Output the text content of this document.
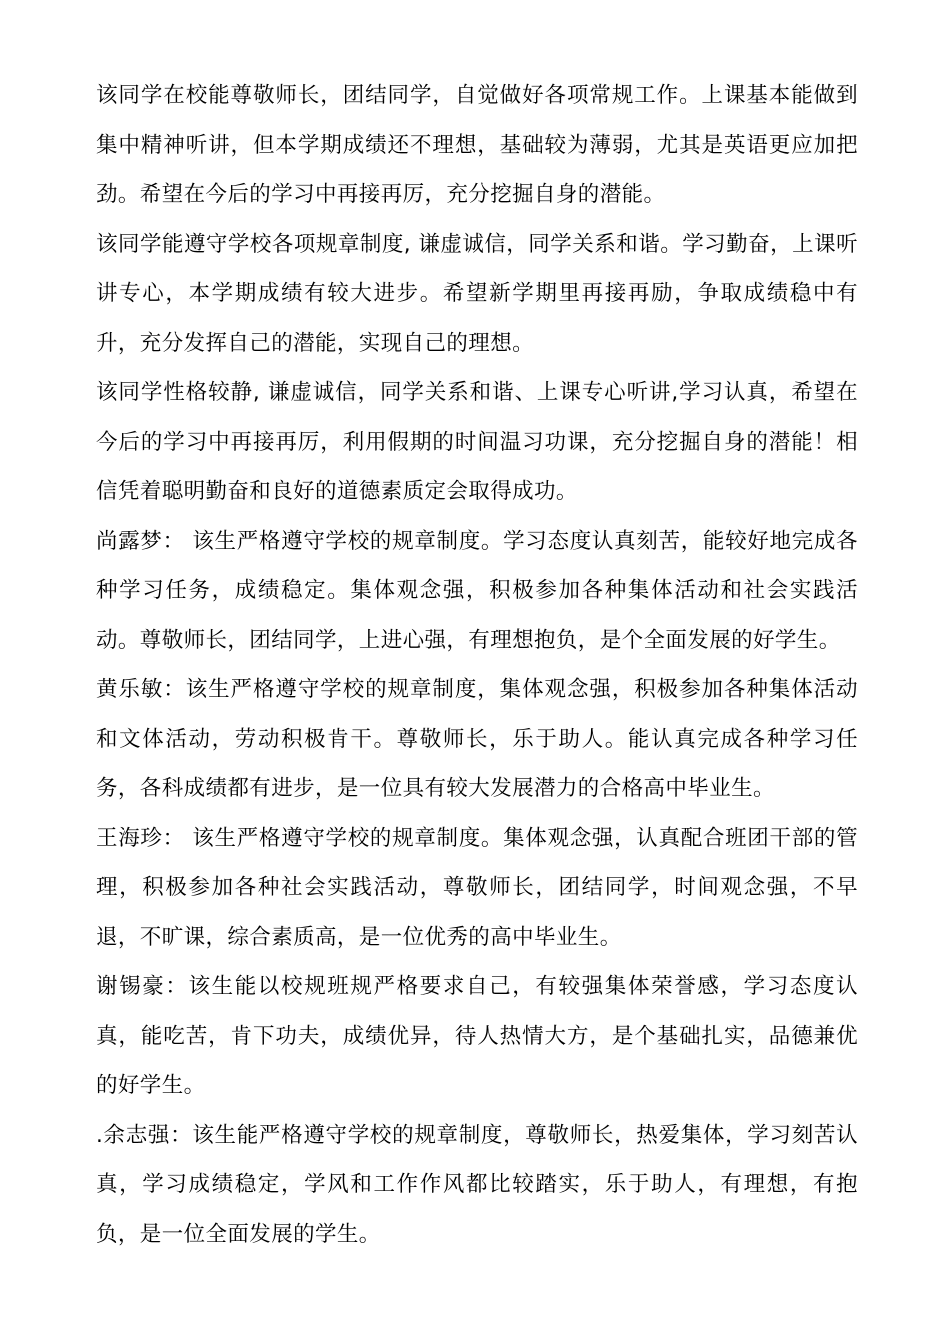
该同学在校能尊敬师长，团结同学，自觉做好各项常规工作。上课基本能做到集中精神听讲，但本学期成绩还不理想，基础较为薄弱，尤其是英语更应加把劲。希望在今后的学习中再接再厉，充分挖掘自身的潜能。

该同学能遵守学校各项规章制度, 谦虚诚信，同学关系和谐。学习勤奋，上课听讲专心，本学期成绩有较大进步。希望新学期里再接再励，争取成绩稳中有升，充分发挥自己的潜能，实现自己的理想。

该同学性格较静, 谦虚诚信，同学关系和谐、上课专心听讲,学习认真，希望在今后的学习中再接再厉，利用假期的时间温习功课，充分挖掘自身的潜能！相信凭着聪明勤奋和良好的道德素质定会取得成功。

尚露梦： 该生严格遵守学校的规章制度。学习态度认真刻苦，能较好地完成各种学习任务，成绩稳定。集体观念强，积极参加各种集体活动和社会实践活动。尊敬师长，团结同学，上进心强，有理想抱负，是个全面发展的好学生。

黄乐敏：该生严格遵守学校的规章制度，集体观念强，积极参加各种集体活动和文体活动，劳动积极肯干。尊敬师长，乐于助人。能认真完成各种学习任务，各科成绩都有进步，是一位具有较大发展潜力的合格高中毕业生。

王海珍： 该生严格遵守学校的规章制度。集体观念强，认真配合班团干部的管理，积极参加各种社会实践活动，尊敬师长，团结同学，时间观念强，不早退，不旷课，综合素质高，是一位优秀的高中毕业生。

谢锡豪：该生能以校规班规严格要求自己，有较强集体荣誉感，学习态度认真，能吃苦，肯下功夫，成绩优异，待人热情大方，是个基础扎实，品德兼优的好学生。

.余志强：该生能严格遵守学校的规章制度，尊敬师长，热爱集体，学习刻苦认真，学习成绩稳定，学风和工作作风都比较踏实，乐于助人，有理想，有抱负，是一位全面发展的学生。
